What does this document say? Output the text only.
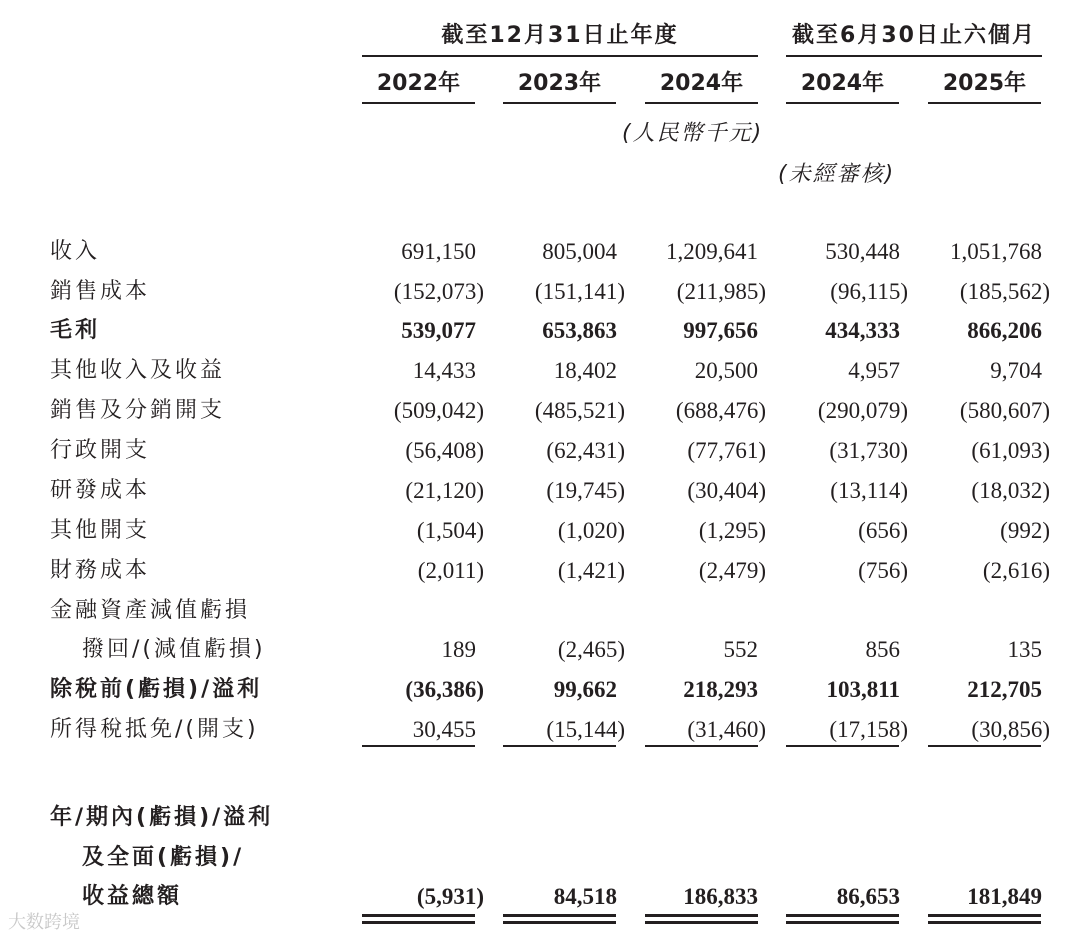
截至12月31日止年度	截至6月30日止六個月
2022年	2023年	2024年	2024年	2025年
(人民幣千元)
(未經審核)
收入	691,150	805,004	1,209,641	530,448	1,051,768
銷售成本	(152,073)	(151,141)	(211,985)	(96,115)	(185,562)
毛利	539,077	653,863	997,656	434,333	866,206
其他收入及收益	14,433	18,402	20,500	4,957	9,704
銷售及分銷開支	(509,042)	(485,521)	(688,476)	(290,079)	(580,607)
行政開支	(56,408)	(62,431)	(77,761)	(31,730)	(61,093)
研發成本	(21,120)	(19,745)	(30,404)	(13,114)	(18,032)
其他開支	(1,504)	(1,020)	(1,295)	(656)	(992)
財務成本	(2,011)	(1,421)	(2,479)	(756)	(2,616)
金融資產減值虧損
撥回/(減值虧損)	189	(2,465)	552	856	135
除稅前(虧損)/溢利	(36,386)	99,662	218,293	103,811	212,705
所得稅抵免/(開支)	30,455	(15,144)	(31,460)	(17,158)	(30,856)
年/期內(虧損)/溢利
及全面(虧損)/
收益總額	(5,931)	84,518	186,833	86,653	181,849
大数跨境
